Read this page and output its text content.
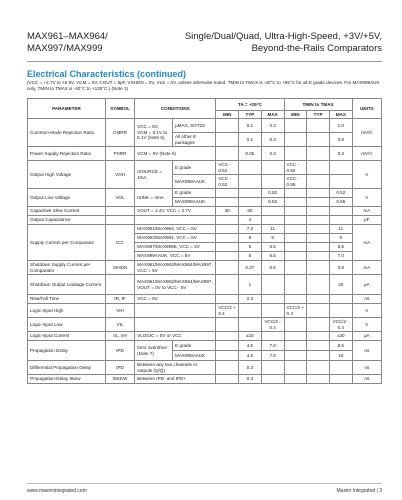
MAX961–MAX964/
MAX997/MAX999
Single/Dual/Quad, Ultra-High-Speed, +3V/+5V,
Beyond-the-Rails Comparators
Electrical Characteristics (continued)
(VCC = +2.7V to +5.5V, VCM = 0V, COUT = 5pF, VSHDN = 0V, VLE = 0V, unless otherwise noted. TMIN to TMAX is -40°C to +85°C for all E grade devices. For MAX999AUK only, TMIN to TMAX is -40°C to +125°C.) (Note 1)
PARAMETER	SYMBOL	CONDITIONS		TA = +25°C			TMIN to TMAX			UNITS
				MIN	TYP	MAX	MIN	TYP	MAX	
Common-Mode Rejection Ratio	CMRR	VCC = 5V, VCM = 0.1V to 5.1V (Note 5)	μMAX, SOT23		0.1	0.3			1.0	mV/V
			All other E packages		0.1	0.3			0.5	
Power-Supply Rejection Ratio	PSRR	VCM = 0V (Note 6)			0.05	0.3			0.3	mV/V
Output High Voltage	VOH	ISOURCE = 4mA	E grade	VCC - 0.52			VCC - 0.52			V
			MAX999AAUK	VCC - 0.52			VCC - 0.55			
Output Low Voltage	VOL	ISINK = 4mA	E grade			0.52			0.52	V
			MAX999AAUK			0.52			0.55	
Capacitive Slew Current		VOUT = 1.4V, VCC = 2.7V		30	60					mA
Output Capacitance					4					pF
Supply Current per Comparator	ICC	MAX961/MAX963, VCC = 5V			7.2	11			11	mA
		MAX962/MAX964, VCC = 5V			5	8			9	
		MAX997/MAX999E, VCC = 5V			5	6.5			6.5	
		MAX999AAUK, VCC = 5V			5	6.5			7.0	
Shutdown Supply Current per Comparator	ISHDN	MAX961/MAX963/MAX964/MAX997, VCC = 5V			0.27	0.5			0.5	mA
Shutdown Output Leakage Current		MAX961/MAX963/MAX964/MAX997, VOUT = 0V to VCC - 5V			1				20	μA
Rise/Fall Time	tR, tF	VCC = 5V			2.3					ns
Logic-Input High	VIH			VCC/2 + 0.4			VCC/2 + 0.4			V
Logic-Input Low	VIL					VCC/2 - 0.4			VCC/2 - 0.4	V
Logic-Input Current	IIL, IIH	VLOGIC = 0V or VCC			±15				±30	μA
Propagation Delay	tPD	5mV overdrive (Note 7)	E grade		4.5	7.0			8.5	ns
			MAX999AAUK		4.5	7.0			10	
Differential Propagation Delay	tPD	Between any two channels or outputs (Q/Q̄)			0.3					ns
Propagation-Delay Skew	tSKEW	Between tPD- and tPD+			0.3					ns
www.maximintegrated.com	Maxim Integrated | 3
